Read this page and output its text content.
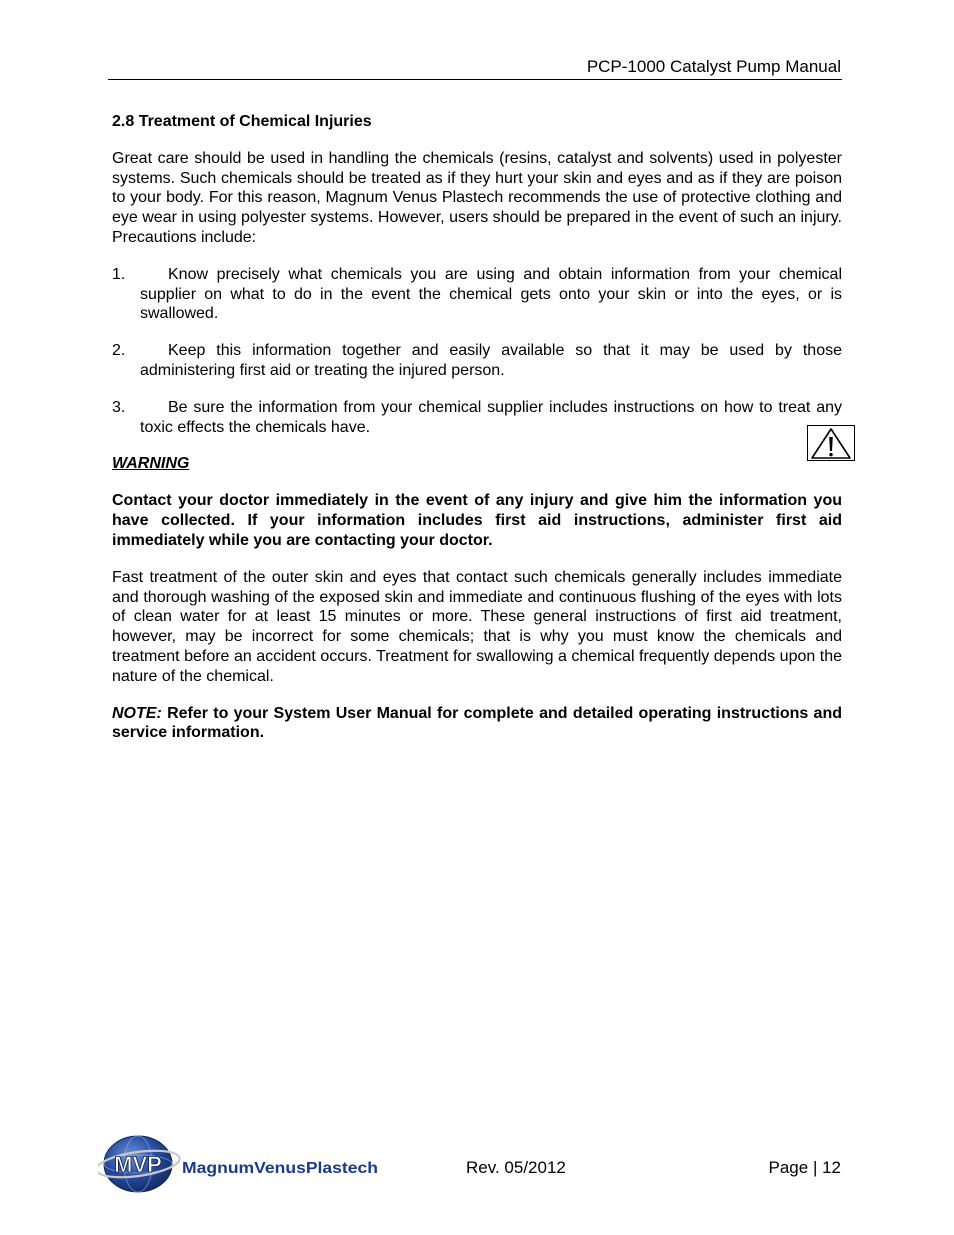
PCP-1000 Catalyst Pump Manual
2.8 Treatment of Chemical Injuries

Great care should be used in handling the chemicals (resins, catalyst and solvents) used in polyester systems. Such chemicals should be treated as if they hurt your skin and eyes and as if they are poison to your body. For this reason, Magnum Venus Plastech recommends the use of protective clothing and eye wear in using polyester systems. However, users should be prepared in the event of such an injury. Precautions include:

1.	Know precisely what chemicals you are using and obtain information from your chemical supplier on what to do in the event the chemical gets onto your skin or into the eyes, or is swallowed.
2.	Keep this information together and easily available so that it may be used by those administering first aid or treating the injured person.
3.	Be sure the information from your chemical supplier includes instructions on how to treat any toxic effects the chemicals have.
WARNING

Contact your doctor immediately in the event of any injury and give him the information you have collected. If your information includes first aid instructions, administer first aid immediately while you are contacting your doctor.

Fast treatment of the outer skin and eyes that contact such chemicals generally includes immediate and thorough washing of the exposed skin and immediate and continuous flushing of the eyes with lots of clean water for at least 15 minutes or more. These general instructions of first aid treatment, however, may be incorrect for some chemicals; that is why you must know the chemicals and treatment before an accident occurs. Treatment for swallowing a chemical frequently depends upon the nature of the chemical.

NOTE: Refer to your System User Manual for complete and detailed operating instructions and service information.

MVP MagnumVenusPlastech	Rev. 05/2012	Page | 12
